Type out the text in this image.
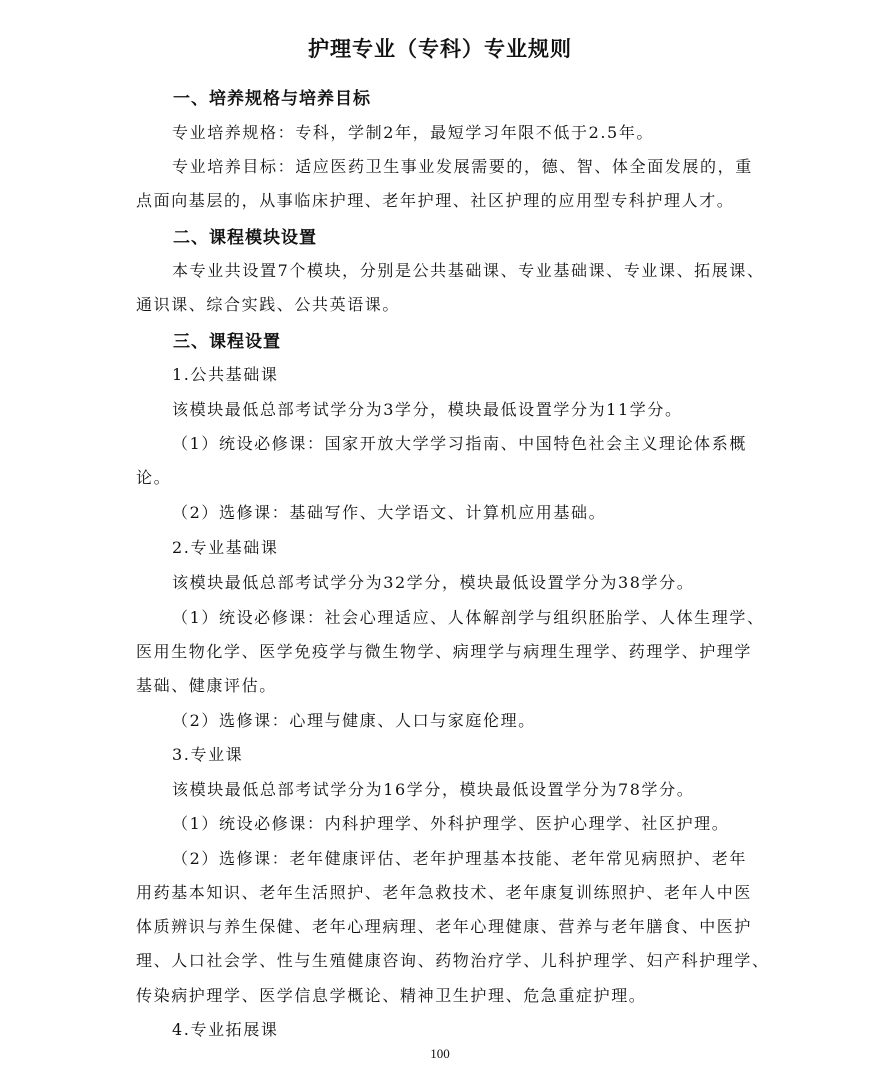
护理专业（专科）专业规则
一、培养规格与培养目标
专业培养规格：专科，学制2年，最短学习年限不低于2.5年。
专业培养目标：适应医药卫生事业发展需要的，德、智、体全面发展的，重
点面向基层的，从事临床护理、老年护理、社区护理的应用型专科护理人才。
二、课程模块设置
本专业共设置7个模块，分别是公共基础课、专业基础课、专业课、拓展课、
通识课、综合实践、公共英语课。
三、课程设置
1.公共基础课
该模块最低总部考试学分为3学分，模块最低设置学分为11学分。
（1）统设必修课：国家开放大学学习指南、中国特色社会主义理论体系概
论。
（2）选修课：基础写作、大学语文、计算机应用基础。
2.专业基础课
该模块最低总部考试学分为32学分，模块最低设置学分为38学分。
（1）统设必修课：社会心理适应、人体解剖学与组织胚胎学、人体生理学、
医用生物化学、医学免疫学与微生物学、病理学与病理生理学、药理学、护理学
基础、健康评估。
（2）选修课：心理与健康、人口与家庭伦理。
3.专业课
该模块最低总部考试学分为16学分，模块最低设置学分为78学分。
（1）统设必修课：内科护理学、外科护理学、医护心理学、社区护理。
（2）选修课：老年健康评估、老年护理基本技能、老年常见病照护、老年
用药基本知识、老年生活照护、老年急救技术、老年康复训练照护、老年人中医
体质辨识与养生保健、老年心理病理、老年心理健康、营养与老年膳食、中医护
理、人口社会学、性与生殖健康咨询、药物治疗学、儿科护理学、妇产科护理学、
传染病护理学、医学信息学概论、精神卫生护理、危急重症护理。
4.专业拓展课
100
